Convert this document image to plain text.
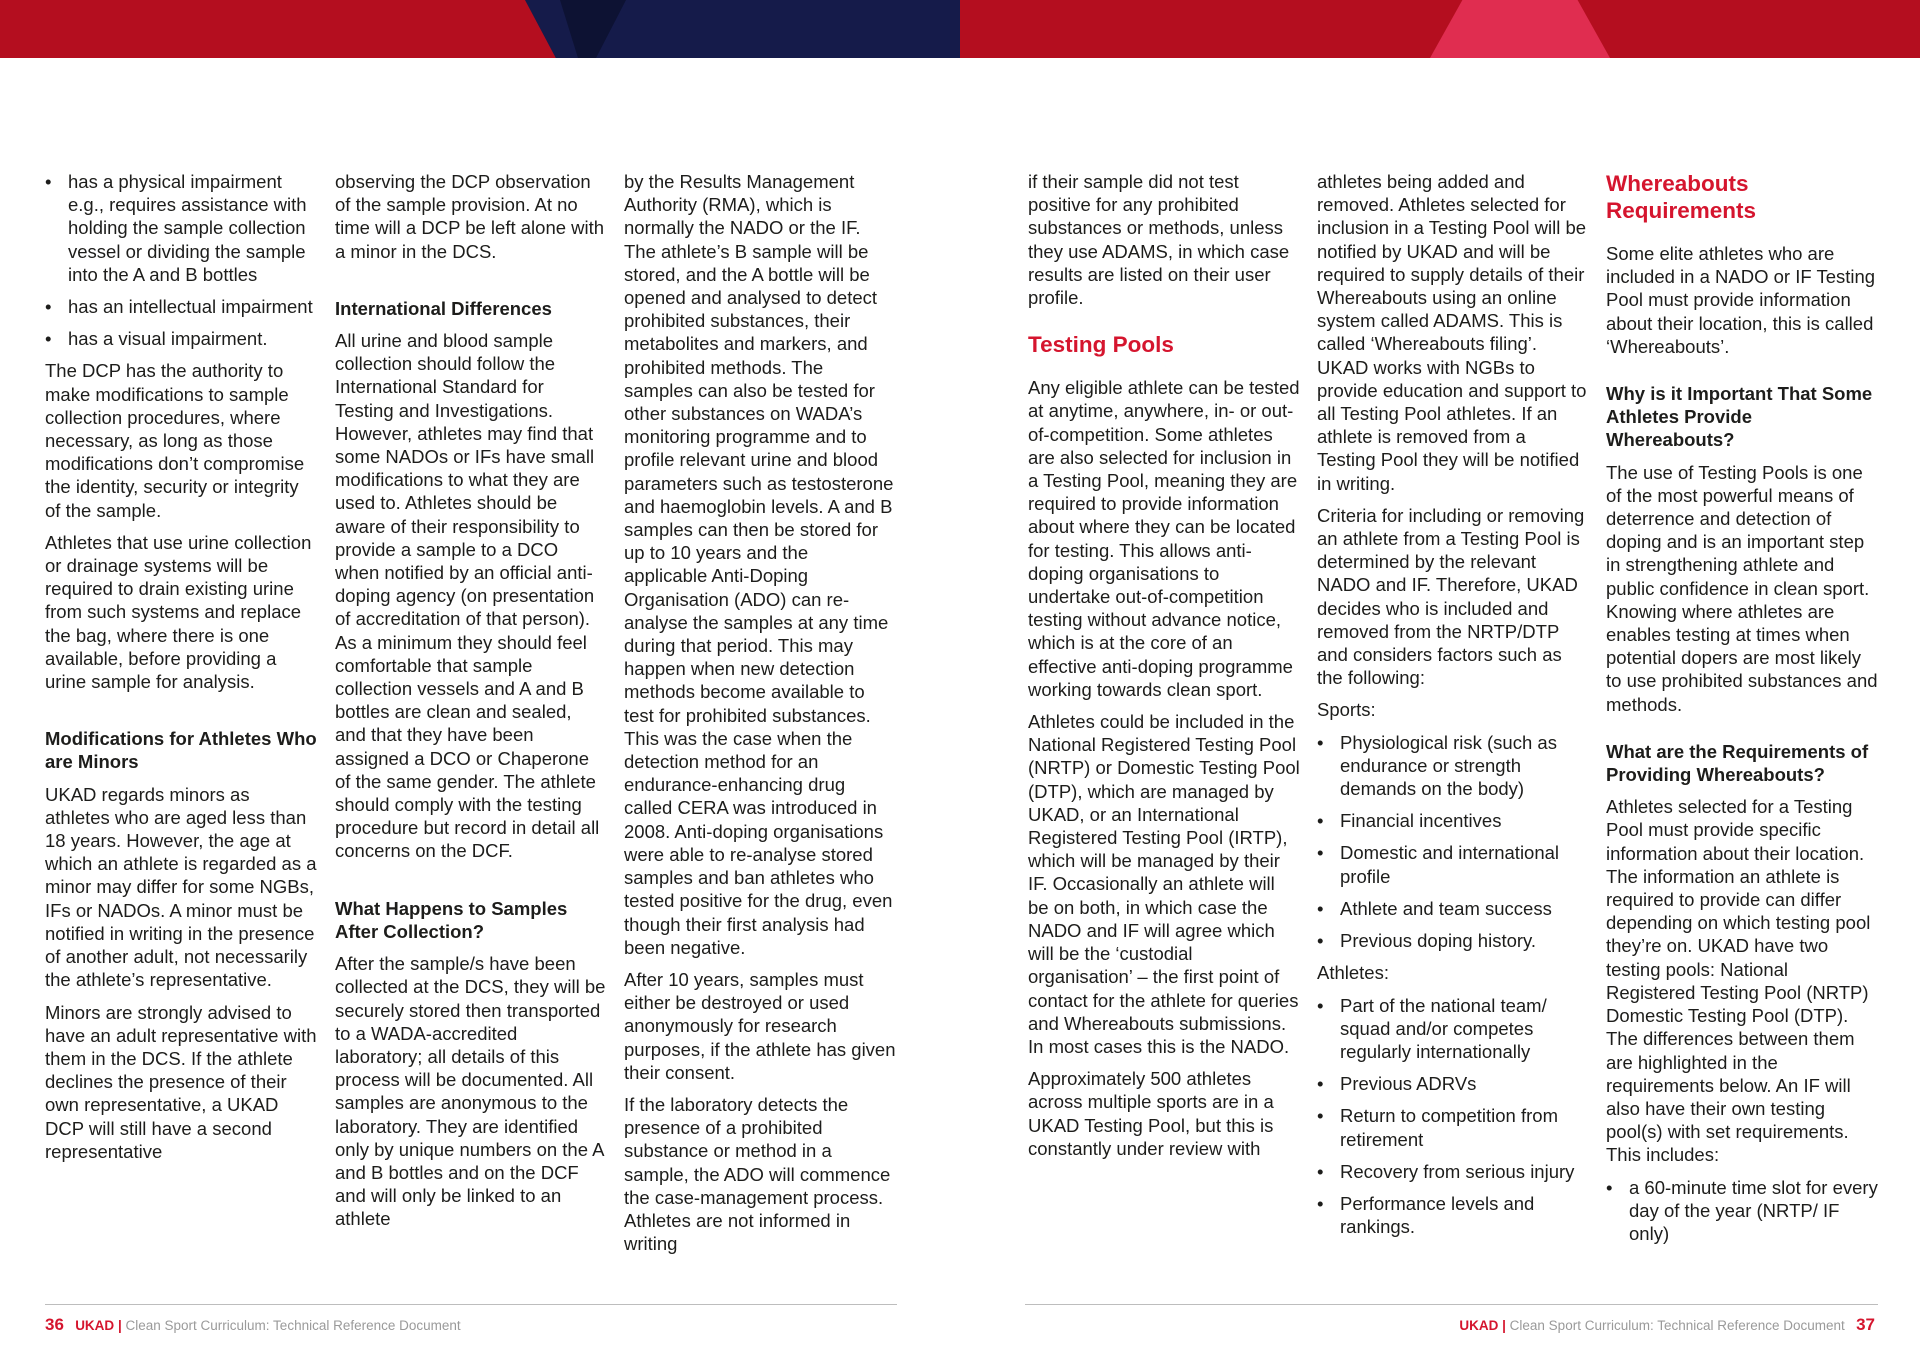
• has a physical impairment e.g., requires assistance with holding the sample collection vessel or dividing the sample into the A and B bottles
• has an intellectual impairment
• has a visual impairment.

The DCP has the authority to make modifications to sample collection procedures, where necessary, as long as those modifications don’t compromise the identity, security or integrity of the sample.

Athletes that use urine collection or drainage systems will be required to drain existing urine from such systems and replace the bag, where there is one available, before providing a urine sample for analysis.

Modifications for Athletes Who are Minors

UKAD regards minors as athletes who are aged less than 18 years. However, the age at which an athlete is regarded as a minor may differ for some NGBs, IFs or NADOs. A minor must be notified in writing in the presence of another adult, not necessarily the athlete’s representative.

Minors are strongly advised to have an adult representative with them in the DCS. If the athlete declines the presence of their own representative, a UKAD DCP will still have a second representative

observing the DCP observation of the sample provision. At no time will a DCP be left alone with a minor in the DCS.

International Differences

All urine and blood sample collection should follow the International Standard for Testing and Investigations. However, athletes may find that some NADOs or IFs have small modifications to what they are used to. Athletes should be aware of their responsibility to provide a sample to a DCO when notified by an official anti-doping agency (on presentation of accreditation of that person). As a minimum they should feel comfortable that sample collection vessels and A and B bottles are clean and sealed, and that they have been assigned a DCO or Chaperone of the same gender. The athlete should comply with the testing procedure but record in detail all concerns on the DCF.

What Happens to Samples After Collection?

After the sample/s have been collected at the DCS, they will be securely stored then transported to a WADA-accredited laboratory; all details of this process will be documented. All samples are anonymous to the laboratory. They are identified only by unique numbers on the A and B bottles and on the DCF and will only be linked to an athlete

by the Results Management Authority (RMA), which is normally the NADO or the IF. The athlete’s B sample will be stored, and the A bottle will be opened and analysed to detect prohibited substances, their metabolites and markers, and prohibited methods. The samples can also be tested for other substances on WADA’s monitoring programme and to profile relevant urine and blood parameters such as testosterone and haemoglobin levels. A and B samples can then be stored for up to 10 years and the applicable Anti-Doping Organisation (ADO) can re-analyse the samples at any time during that period. This may happen when new detection methods become available to test for prohibited substances. This was the case when the detection method for an endurance-enhancing drug called CERA was introduced in 2008. Anti-doping organisations were able to re-analyse stored samples and ban athletes who tested positive for the drug, even though their first analysis had been negative.

After 10 years, samples must either be destroyed or used anonymously for research purposes, if the athlete has given their consent.

If the laboratory detects the presence of a prohibited substance or method in a sample, the ADO will commence the case-management process. Athletes are not informed in writing

36 UKAD | Clean Sport Curriculum: Technical Reference Document

if their sample did not test positive for any prohibited substances or methods, unless they use ADAMS, in which case results are listed on their user profile.

Testing Pools

Any eligible athlete can be tested at anytime, anywhere, in- or out-of-competition. Some athletes are also selected for inclusion in a Testing Pool, meaning they are required to provide information about where they can be located for testing. This allows anti-doping organisations to undertake out-of-competition testing without advance notice, which is at the core of an effective anti-doping programme working towards clean sport.

Athletes could be included in the National Registered Testing Pool (NRTP) or Domestic Testing Pool (DTP), which are managed by UKAD, or an International Registered Testing Pool (IRTP), which will be managed by their IF. Occasionally an athlete will be on both, in which case the NADO and IF will agree which will be the ‘custodial organisation’ – the first point of contact for the athlete for queries and Whereabouts submissions. In most cases this is the NADO.

Approximately 500 athletes across multiple sports are in a UKAD Testing Pool, but this is constantly under review with

athletes being added and removed. Athletes selected for inclusion in a Testing Pool will be notified by UKAD and will be required to supply details of their Whereabouts using an online system called ADAMS. This is called ‘Whereabouts filing’. UKAD works with NGBs to provide education and support to all Testing Pool athletes. If an athlete is removed from a Testing Pool they will be notified in writing.

Criteria for including or removing an athlete from a Testing Pool is determined by the relevant NADO and IF. Therefore, UKAD decides who is included and removed from the NRTP/DTP and considers factors such as the following:

Sports:

• Physiological risk (such as endurance or strength demands on the body)
• Financial incentives
• Domestic and international profile
• Athlete and team success
• Previous doping history.

Athletes:

• Part of the national team/ squad and/or competes regularly internationally
• Previous ADRVs
• Return to competition from retirement
• Recovery from serious injury
• Performance levels and rankings.
Whereabouts Requirements

Some elite athletes who are included in a NADO or IF Testing Pool must provide information about their location, this is called ‘Whereabouts’.

Why is it Important That Some Athletes Provide Whereabouts?

The use of Testing Pools is one of the most powerful means of deterrence and detection of doping and is an important step in strengthening athlete and public confidence in clean sport. Knowing where athletes are enables testing at times when potential dopers are most likely to use prohibited substances and methods.

What are the Requirements of Providing Whereabouts?

Athletes selected for a Testing Pool must provide specific information about their location. The information an athlete is required to provide can differ depending on which testing pool they’re on. UKAD have two testing pools: National Registered Testing Pool (NRTP) Domestic Testing Pool (DTP). The differences between them are highlighted in the requirements below. An IF will also have their own testing pool(s) with set requirements. This includes:

• a 60-minute time slot for every day of the year (NRTP/ IF only)
UKAD | Clean Sport Curriculum: Technical Reference Document 37
